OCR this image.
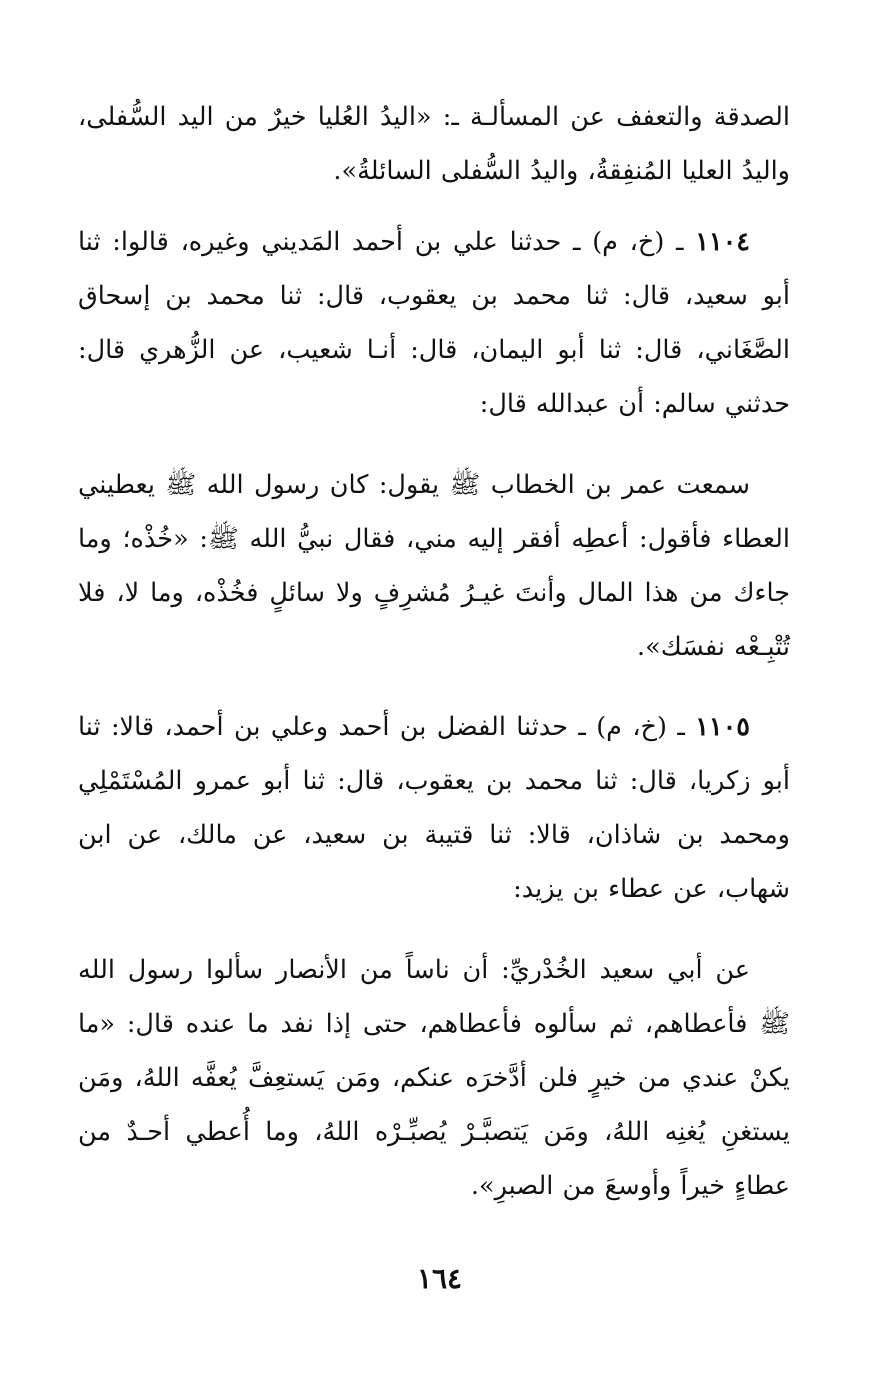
الصدقة والتعفف عن المسألـة ـ: «اليدُ العُليا خيرٌ من اليد السُّفلى، واليدُ العليا المُنفِقةُ، واليدُ السُّفلى السائلةُ».

١١٠٤ ـ (خ، م) ـ حدثنا علي بن أحمد المَديني وغيره، قالوا: ثنا أبو سعيد، قال: ثنا محمد بن يعقوب، قال: ثنا محمد بن إسحاق الصَّغَاني، قال: ثنا أبو اليمان، قال: أنـا شعيب، عن الزُّهري قال: حدثني سالم: أن عبدالله قال:

سمعت عمر بن الخطاب ﷺ يقول: كان رسول الله ﷺ يعطيني العطاء فأقول: أعطِه أفقر إليه مني، فقال نبيُّ الله ﷺ: «خُذْه؛ وما جاءك من هذا المال وأنتَ غيـرُ مُشرِفٍ ولا سائلٍ فخُذْه، وما لا، فلا تُتْبِـعْه نفسَك».

١١٠٥ ـ (خ، م) ـ حدثنا الفضل بن أحمد وعلي بن أحمد، قالا: ثنا أبو زكريا، قال: ثنا محمد بن يعقوب، قال: ثنا أبو عمرو المُسْتَمْلِي ومحمد بن شاذان، قالا: ثنا قتيبة بن سعيد، عن مالك، عن ابن شهاب، عن عطاء بن يزيد:

عن أبي سعيد الخُدْريِّ: أن ناساً من الأنصار سألوا رسول الله ﷺ فأعطاهم، ثم سألوه فأعطاهم، حتى إذا نفد ما عنده قال: «ما يكنْ عندي من خيرٍ فلن أدَّخرَه عنكم، ومَن يَستعِفَّ يُعفَّه اللهُ، ومَن يستغنِ يُغنِه اللهُ، ومَن يَتصبَّـرْ يُصبِّـرْه اللهُ، وما أُعطي أحـدٌ من عطاءٍ خيراً وأوسعَ من الصبرِ».

١٦٤
